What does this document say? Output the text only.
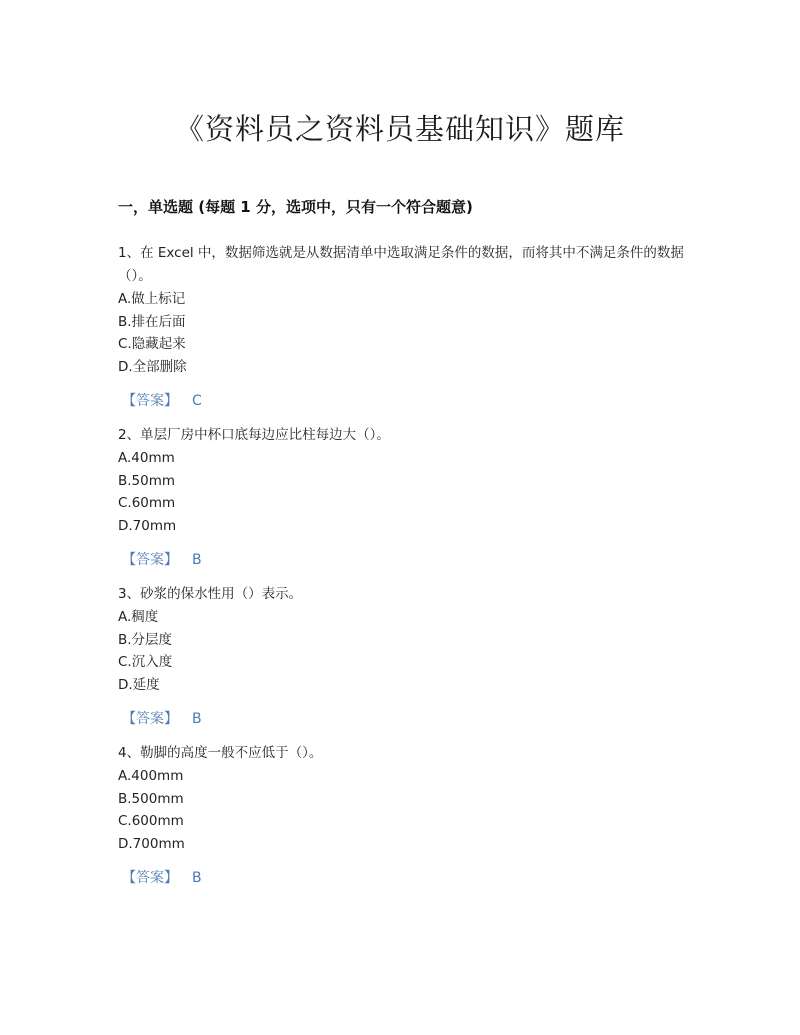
《资料员之资料员基础知识》题库
一，单选题 (每题 1 分，选项中，只有一个符合题意)

1、在 Excel 中，数据筛选就是从数据清单中选取满足条件的数据，而将其中不满足条件的数据（）。

A.做上标记

B.排在后面

C.隐藏起来

D.全部删除

【答案】 C

2、单层厂房中杯口底每边应比柱每边大（）。

A.40mm

B.50mm

C.60mm

D.70mm

【答案】 B

3、砂浆的保水性用（）表示。

A.稠度

B.分层度

C.沉入度

D.延度

【答案】 B

4、勒脚的高度一般不应低于（）。

A.400mm

B.500mm

C.600mm

D.700mm

【答案】 B
